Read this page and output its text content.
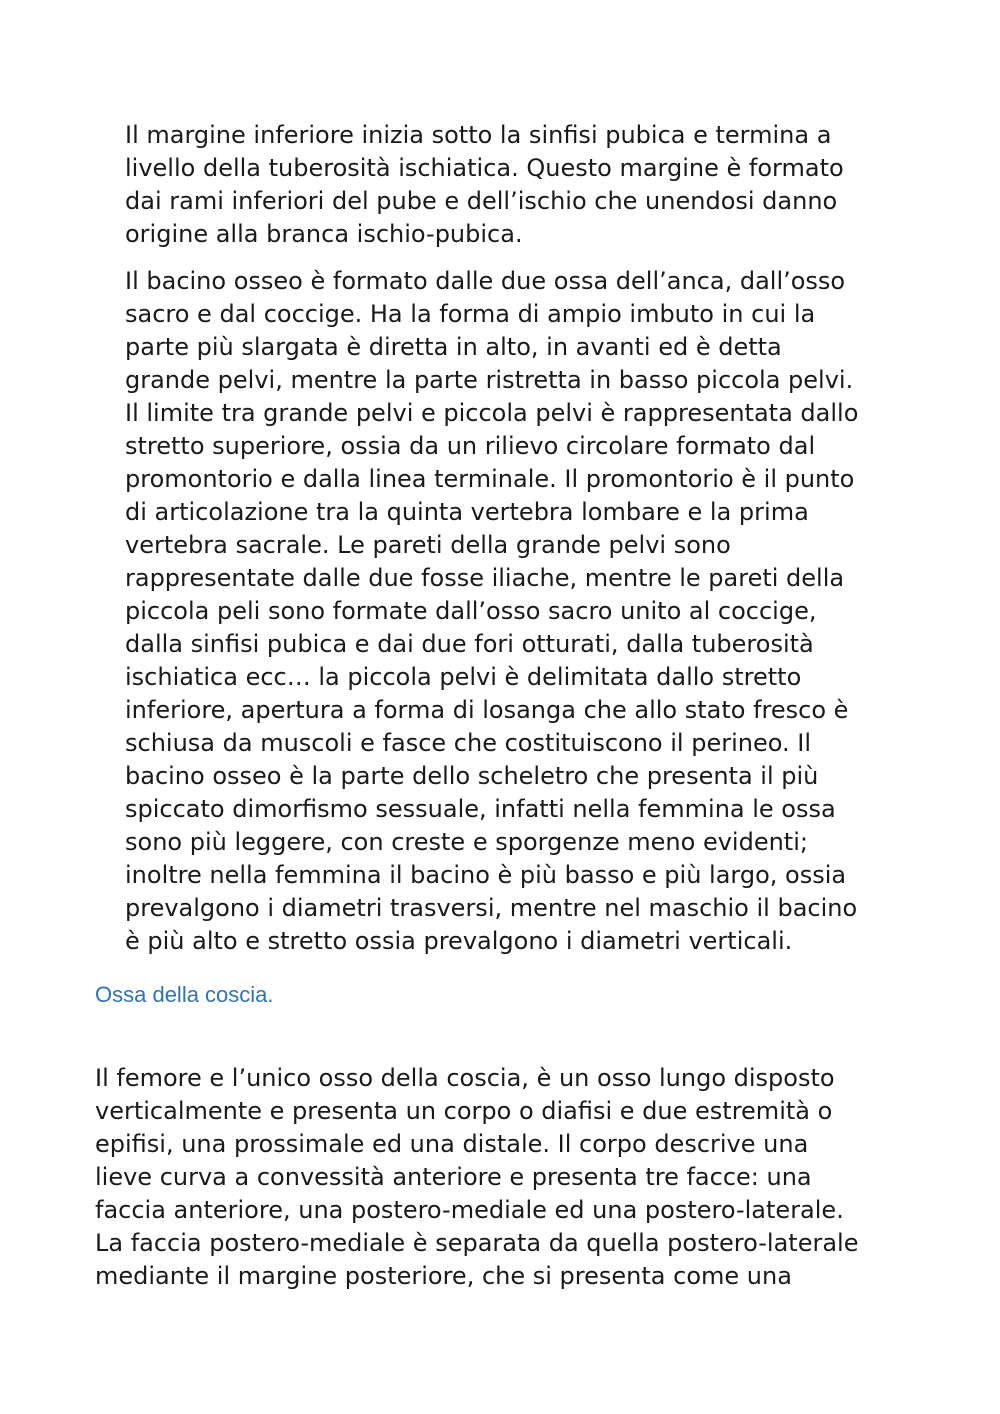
Il margine inferiore inizia sotto la sinfisi pubica e termina a
livello della tuberosità ischiatica. Questo margine è formato
dai rami inferiori del pube e dell’ischio che unendosi danno
origine alla branca ischio-pubica.

Il bacino osseo è formato dalle due ossa dell’anca, dall’osso
sacro e dal coccige. Ha la forma di ampio imbuto in cui la
parte più slargata è diretta in alto, in avanti ed è detta
grande pelvi, mentre la parte ristretta in basso piccola pelvi.
Il limite tra grande pelvi e piccola pelvi è rappresentata dallo
stretto superiore, ossia da un rilievo circolare formato dal
promontorio e dalla linea terminale. Il promontorio è il punto
di articolazione tra la quinta vertebra lombare e la prima
vertebra sacrale. Le pareti della grande pelvi sono
rappresentate dalle due fosse iliache, mentre le pareti della
piccola peli sono formate dall’osso sacro unito al coccige,
dalla sinfisi pubica e dai due fori otturati, dalla tuberosità
ischiatica ecc… la piccola pelvi è delimitata dallo stretto
inferiore, apertura a forma di losanga che allo stato fresco è
schiusa da muscoli e fasce che costituiscono il perineo. Il
bacino osseo è la parte dello scheletro che presenta il più
spiccato dimorfismo sessuale, infatti nella femmina le ossa
sono più leggere, con creste e sporgenze meno evidenti;
inoltre nella femmina il bacino è più basso e più largo, ossia
prevalgono i diametri trasversi, mentre nel maschio il bacino
è più alto e stretto ossia prevalgono i diametri verticali.

Ossa della coscia.

Il femore e l’unico osso della coscia, è un osso lungo disposto
verticalmente e presenta un corpo o diafisi e due estremità o
epifisi, una prossimale ed una distale. Il corpo descrive una
lieve curva a convessità anteriore e presenta tre facce: una
faccia anteriore, una postero-mediale ed una postero-laterale.
La faccia postero-mediale è separata da quella postero-laterale
mediante il margine posteriore, che si presenta come una
